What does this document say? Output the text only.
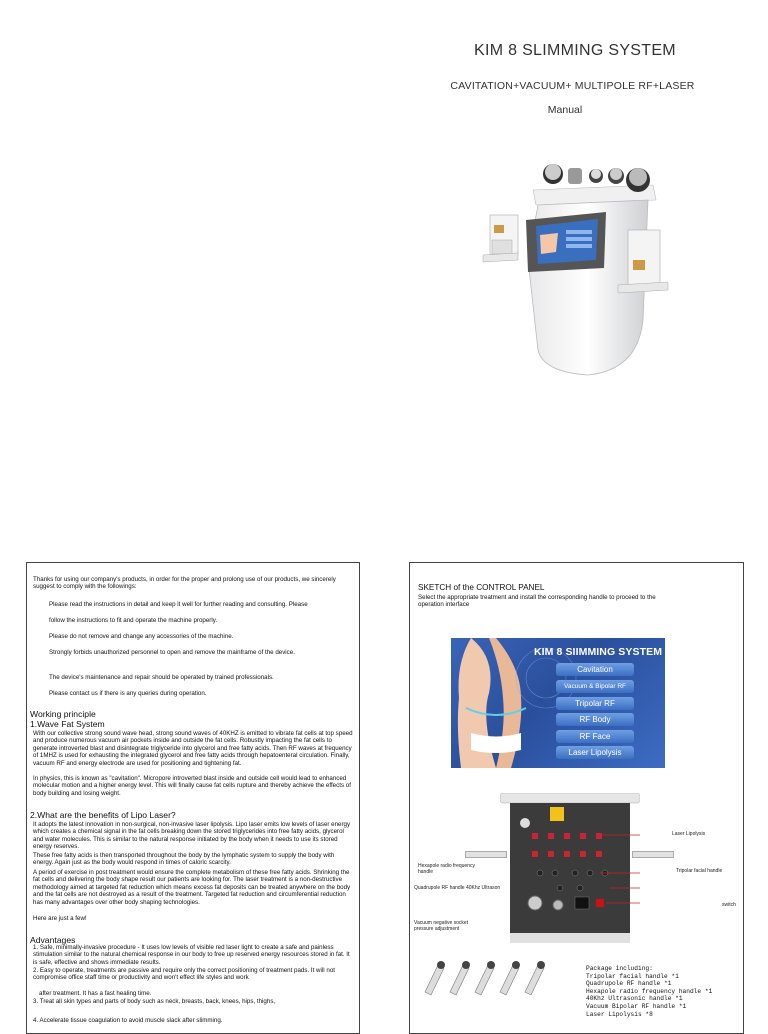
KIM 8 SLIMMING SYSTEM
CAVITATION+VACUUM+ MULTIPOLE RF+LASER
Manual

Thanks for using our company's products, in order for the proper and prolong use of our products, we sincerely suggest to comply with the followings:

Please read the instructions in detail and keep it well for further reading and consulting. Please

follow the instructions to fit and operate the machine properly.

Please do not remove and change any accessories of the machine.

Strongly forbids unauthorized personnel to open and remove the mainframe of the device.

The device's maintenance and repair should be operated by trained professionals.

Please contact us if there is any queries during operation.

Working principle
1.Wave Fat System

With our collective strong sound wave head, strong sound waves of 40KHZ is emitted to vibrate fat cells at top speed and produce numerous vacuum air pockets inside and outside the fat cells. Robustly impacting the fat cells to generate introverted blast and disintegrate triglyceride into glycerol and free fatty acids. Then RF waves at frequency of 1MHZ is used for exhausting the integrated glycerol and free fatty acids through hepatoenteral circulation. Finally, vacuum RF and energy electrode are used for positioning and tightening fat.

In physics, this is known as "cavitation". Micropore introverted blast inside and outside cell would lead to enhanced molecular motion and a higher energy level. This will finally cause fat cells rupture and thereby achieve the effects of body building and losing weight.

2.What are the benefits of Lipo Laser?

It adopts the latest innovation in non-surgical, non-invasive laser lipolysis. Lipo laser emits low levels of laser energy which creates a chemical signal in the fat cells breaking down the stored triglycerides into free fatty acids, glycerol and water molecules. This is similar to the natural response initiated by the body when it needs to use its stored energy reserves.

These free fatty acids is then transported throughout the body by the lymphatic system to supply the body with energy. Again just as the body would respond in times of caloric scarcity.

A period of exercise in post treatment would ensure the complete metabolism of these free fatty acids. Shrinking the fat cells and delivering the body shape result our patients are looking for. The laser treatment is a non-destructive methodology aimed at targeted fat reduction which means excess fat deposits can be treated anywhere on the body and the fat cells are not destroyed as a result of the treatment. Targeted fat reduction and circumferential reduction has many advantages over other body shaping technologies.

Here are just a few!

Advantages

1. Safe, minimally-invasive procedure - It uses low levels of visible red laser light to create a safe and painless stimulation similar to the natural chemical response in our body to free up reserved energy resources stored in fat. It is safe, effective and shows immediate results.

2. Easy to operate, treatments are passive and require only the correct positioning of treatment pads. It will not compromise office staff time or productivity and won't effect life styles and work

after treatment. It has a fast healing time.

3. Treat all skin types and parts of body such as neck, breasts, back, knees, hips, thighs,

4. Accelerate tissue coagulation to avoid muscle slack after slimming.

SKETCH of the CONTROL PANEL
Select the appropriate treatment and install the corresponding handle to proceed to the operation interface
KIM 8 SIIMMING SYSTEM
Cavitation
Vacuum & Bipolar RF
Tripolar RF
RF Body
RF Face
Laser Lipolysis
Laser Lipolysis
Hexapole radio frequency handle	Tripolar facial handle
Quadrupole RF handle 40Khz Ultrason
switch
Vacuum negative socket pressure adjustment
Package including:
Tripolar facial handle *1
Quadrupole RF handle *1
Hexapole radio frequency handle *1
40Khz Ultrasonic handle *1
Vacuum Bipolar RF handle *1
Laser Lipolysis *8
